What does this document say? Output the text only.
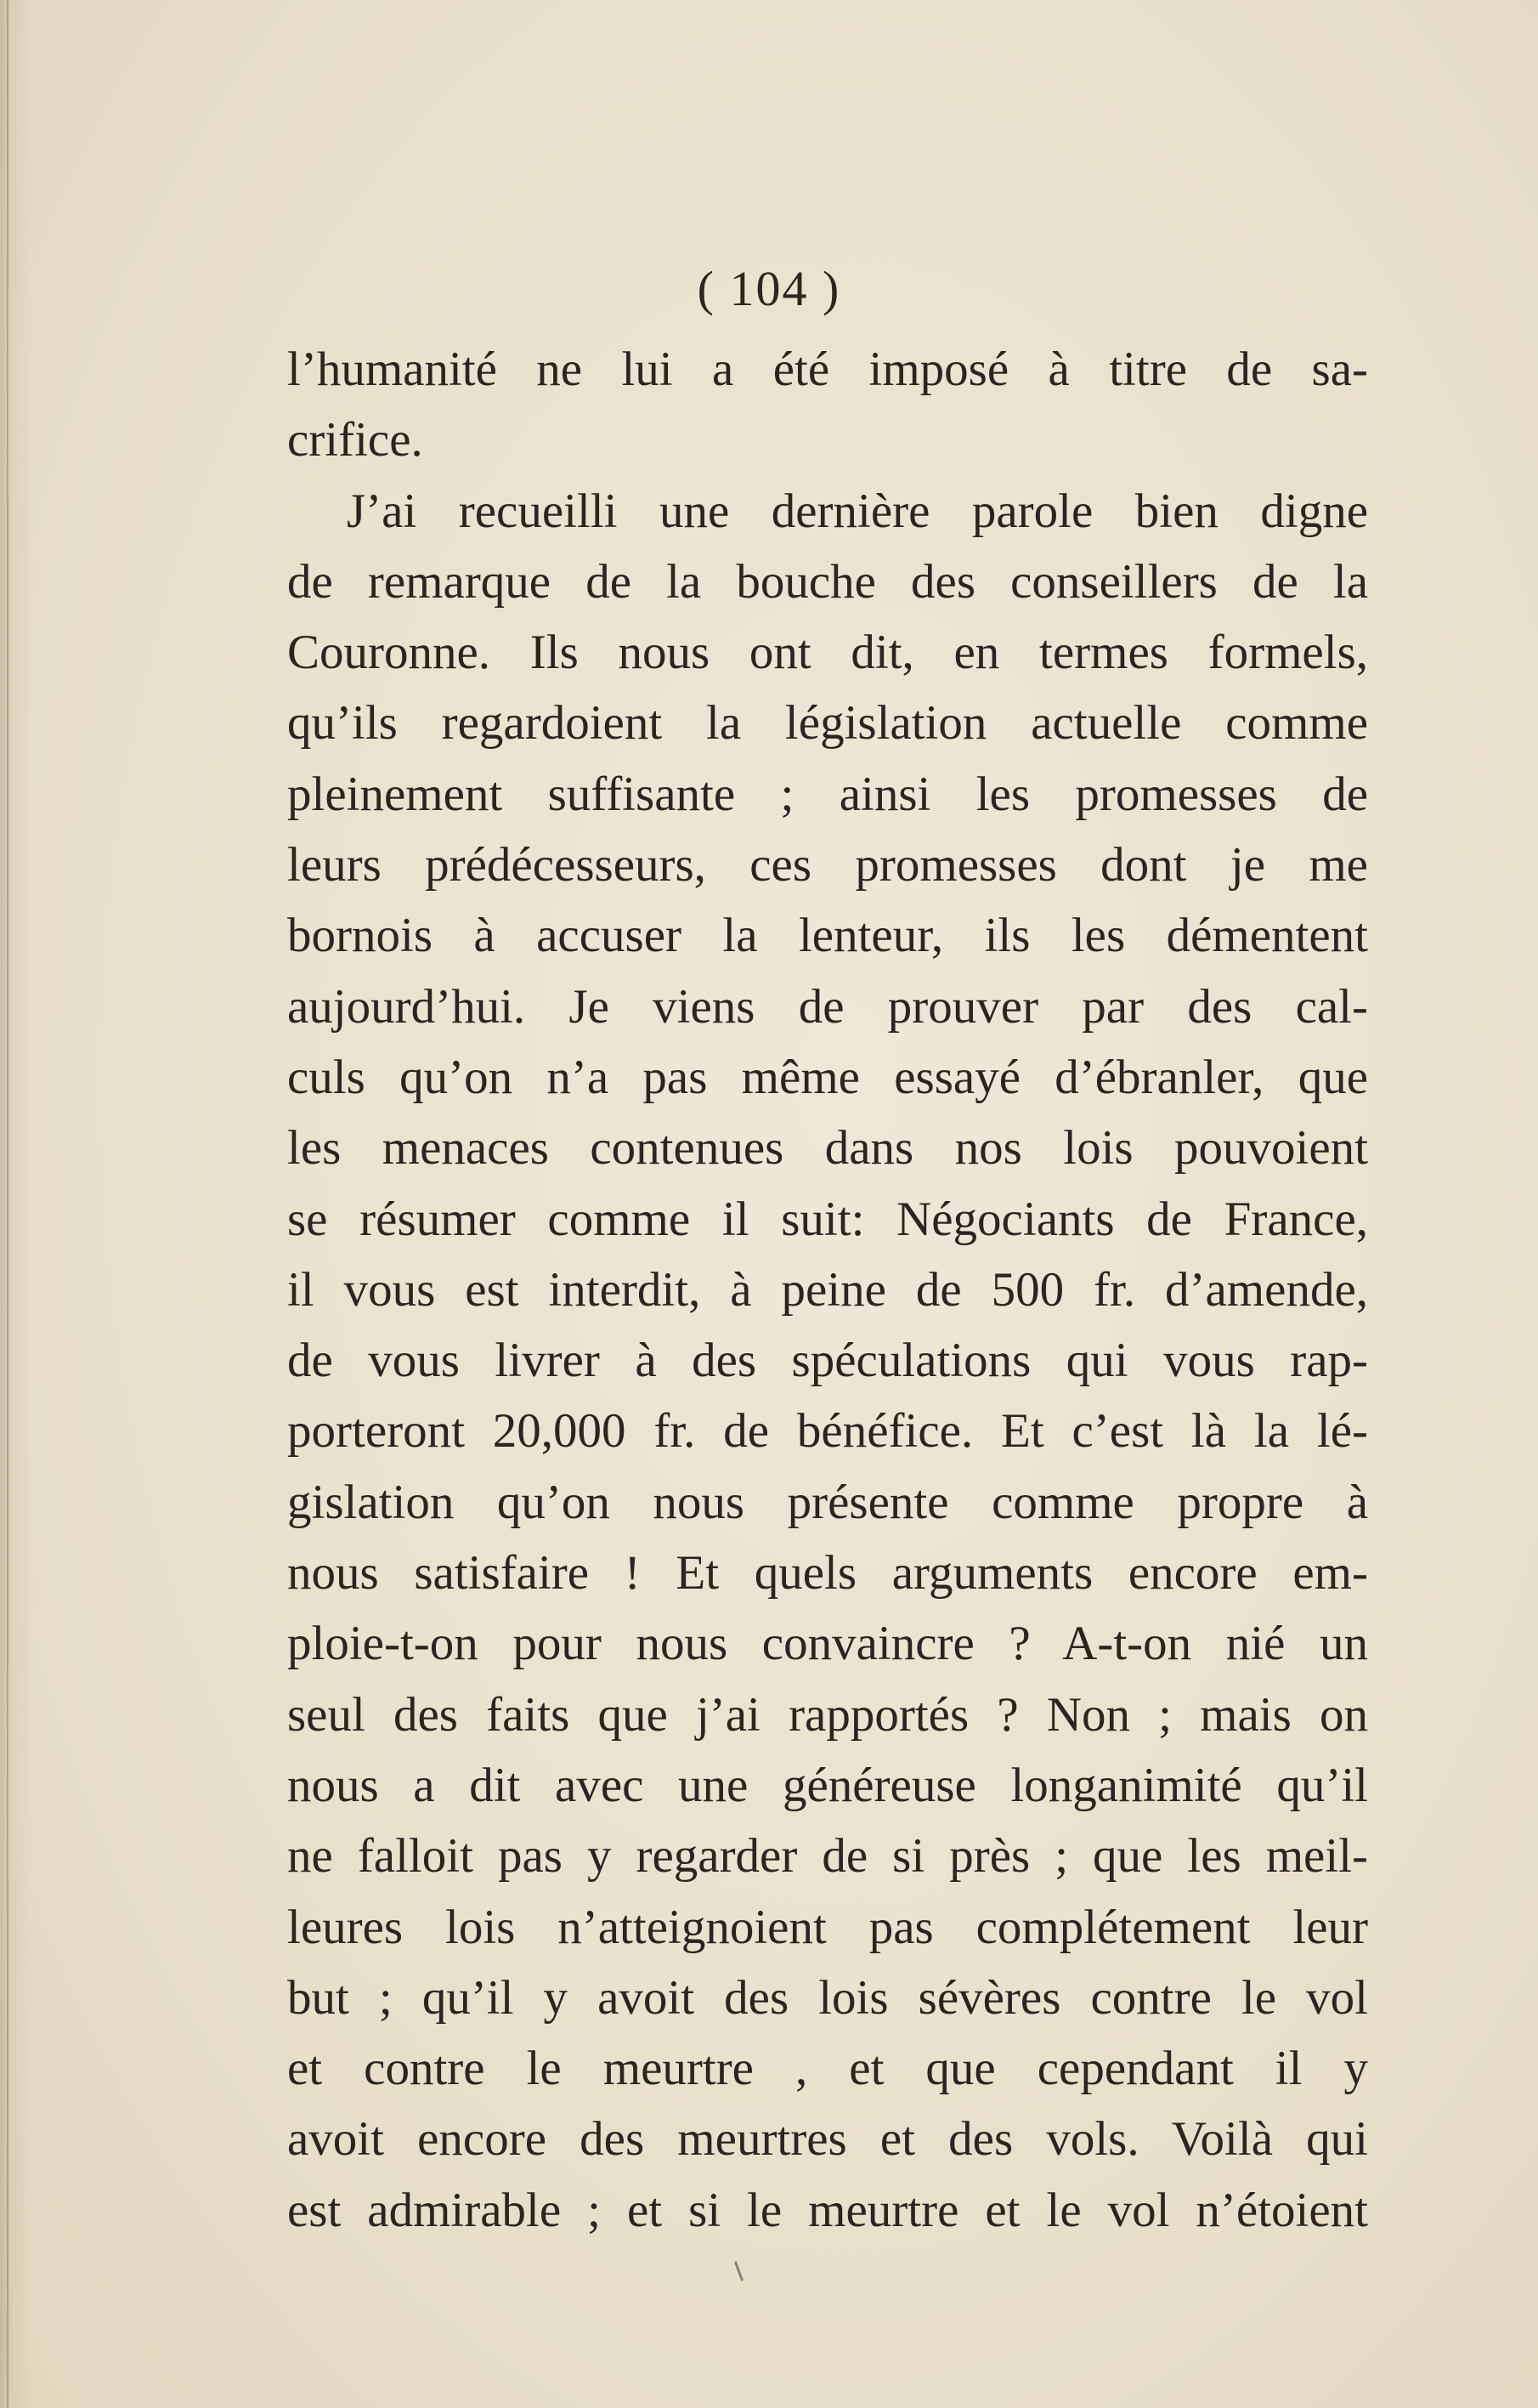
( 104 )
l’humanité ne lui a été imposé à titre de sa-
crifice.
J’ai recueilli une dernière parole bien digne
de remarque de la bouche des conseillers de la
Couronne. Ils nous ont dit, en termes formels,
qu’ils regardoient la législation actuelle comme
pleinement suffisante ; ainsi les promesses de
leurs prédécesseurs, ces promesses dont je me
bornois à accuser la lenteur, ils les démentent
aujourd’hui. Je viens de prouver par des cal-
culs qu’on n’a pas même essayé d’ébranler, que
les menaces contenues dans nos lois pouvoient
se résumer comme il suit: Négociants de France,
il vous est interdit, à peine de 500 fr. d’amende,
de vous livrer à des spéculations qui vous rap-
porteront 20,000 fr. de bénéfice. Et c’est là la lé-
gislation qu’on nous présente comme propre à
nous satisfaire ! Et quels arguments encore em-
ploie-t-on pour nous convaincre ? A-t-on nié un
seul des faits que j’ai rapportés ? Non ; mais on
nous a dit avec une généreuse longanimité qu’il
ne falloit pas y regarder de si près ; que les meil-
leures lois n’atteignoient pas complétement leur
but ; qu’il y avoit des lois sévères contre le vol
et contre le meurtre , et que cependant il y
avoit encore des meurtres et des vols. Voilà qui
est admirable ; et si le meurtre et le vol n’étoient
